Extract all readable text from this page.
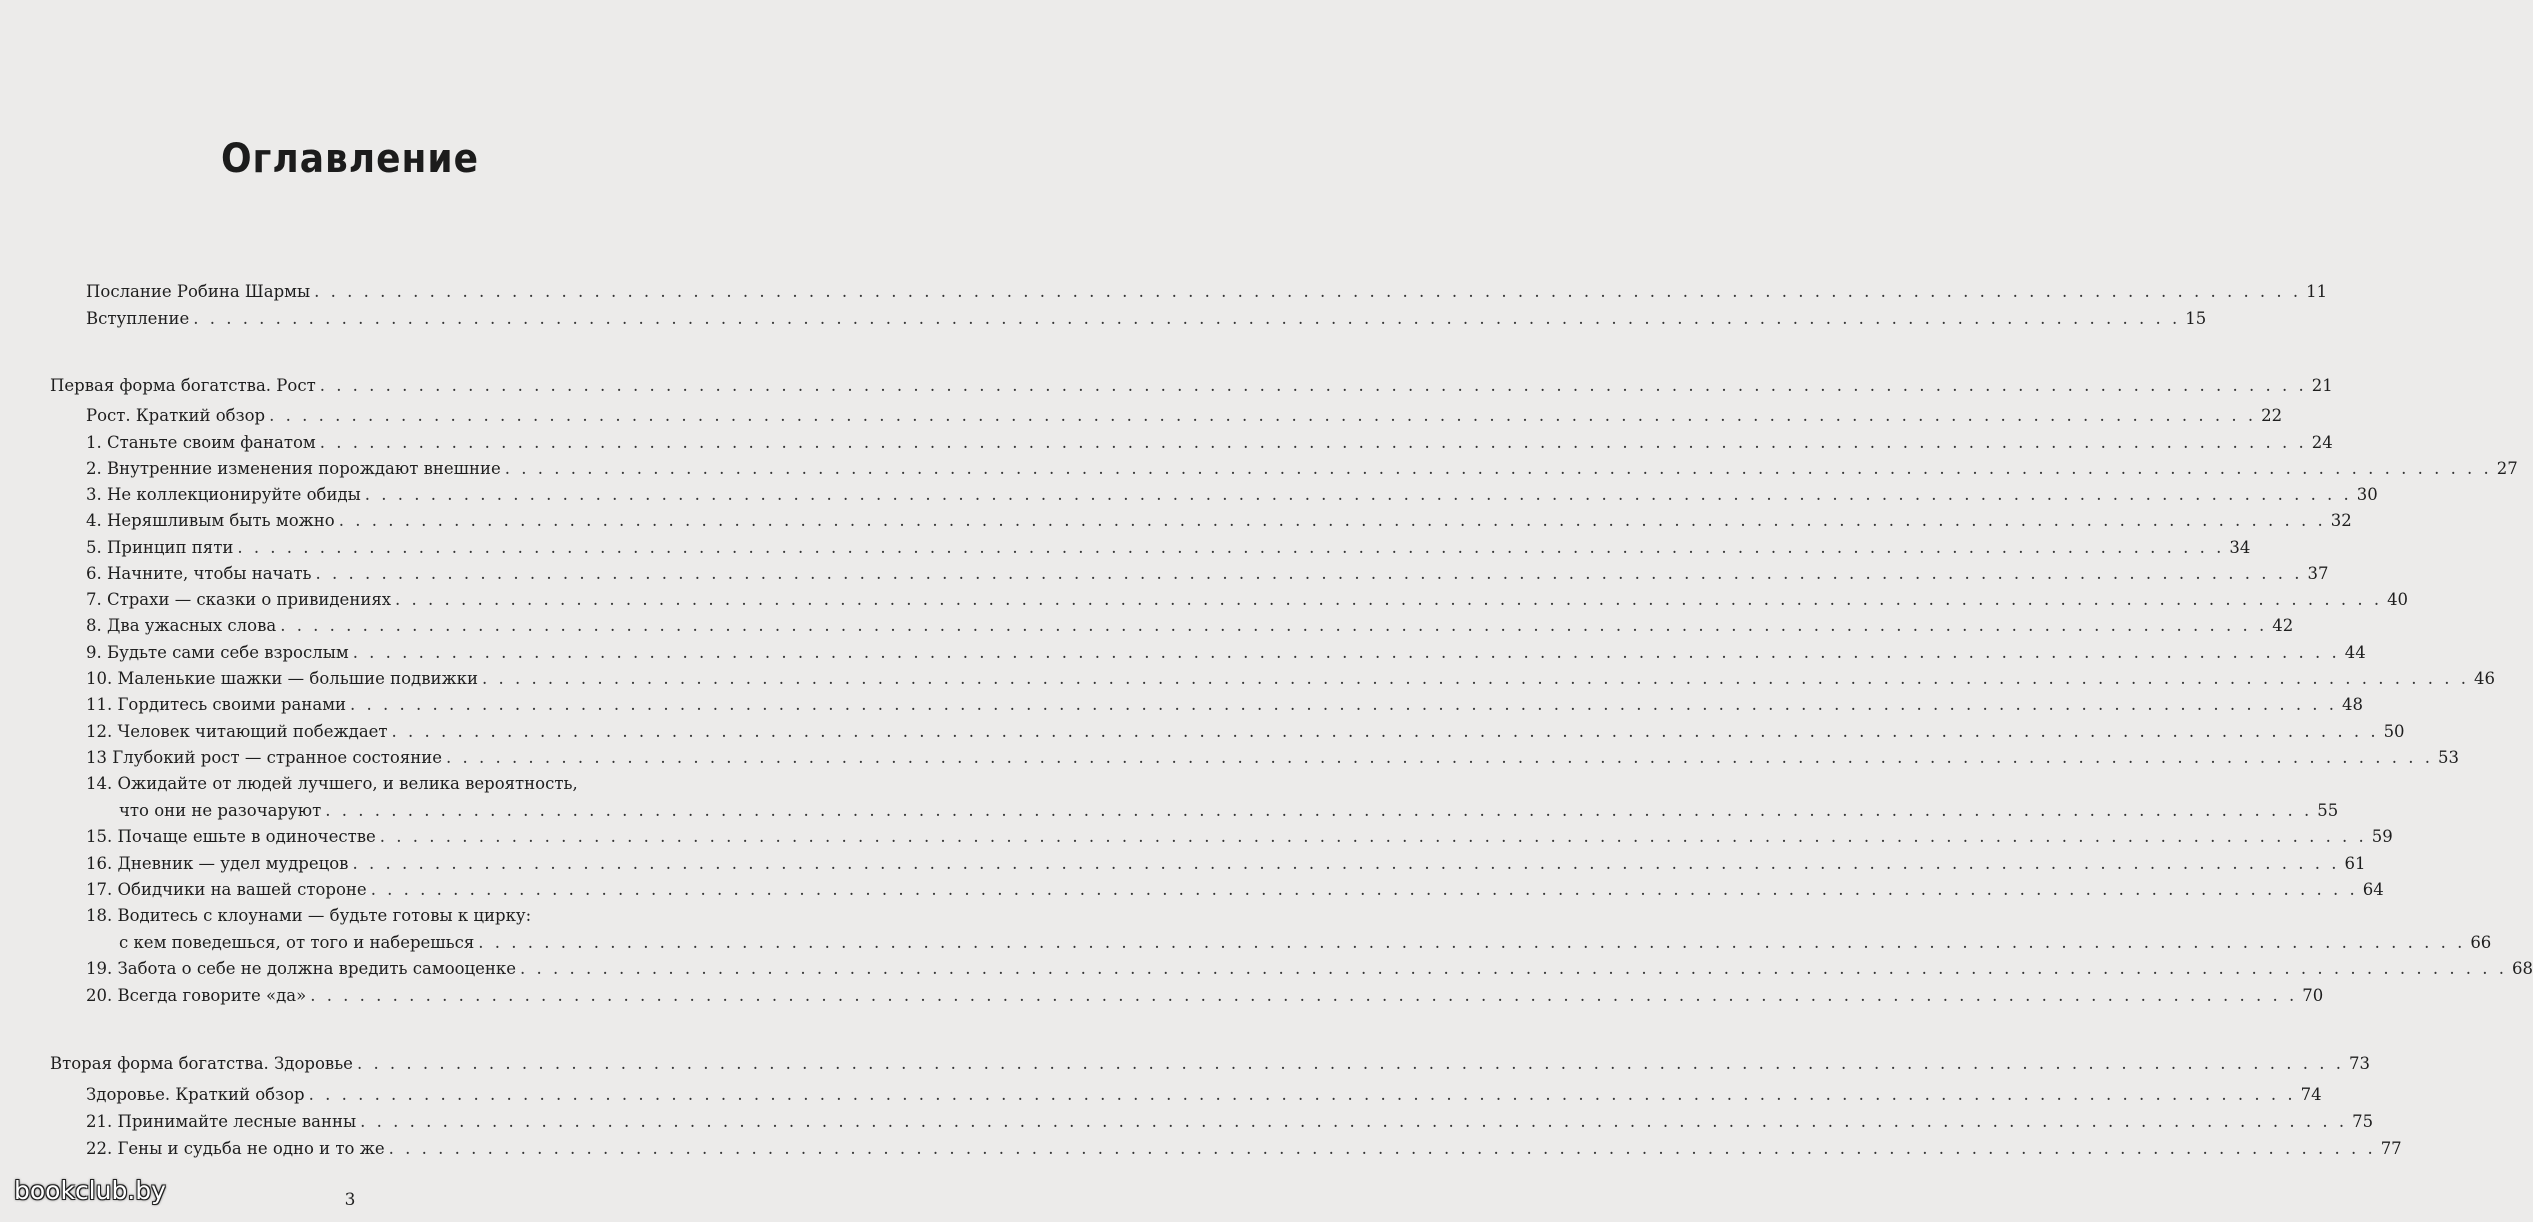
Оглавление
Послание Робина Шармы . . .	11
Вступление . . .	15
Первая форма богатства. Рост . . .	21
Рост. Краткий обзор . . .	22
1. Станьте своим фанатом . . .	24
2. Внутренние изменения порождают внешние . . .	27
3. Не коллекционируйте обиды . . .	30
4. Неряшливым быть можно . . .	32
5. Принцип пяти . . .	34
6. Начните, чтобы начать . . .	37
7. Страхи — сказки о привидениях . . .	40
8. Два ужасных слова . . .	42
9. Будьте сами себе взрослым . . .	44
10. Маленькие шажки — большие подвижки . . .	46
11. Гордитесь своими ранами . . .	48
12. Человек читающий побеждает . . .	50
13 Глубокий рост — странное состояние . . .	53
14. Ожидайте от людей лучшего, и велика вероятность,
что они не разочаруют . . .	55
15. Почаще ешьте в одиночестве . . .	59
16. Дневник — удел мудрецов . . .	61
17. Обидчики на вашей стороне . . .	64
18. Водитесь с клоунами — будьте готовы к цирку:
с кем поведешься, от того и наберешься . . .	66
19. Забота о себе не должна вредить самооценке . . .	68
20. Всегда говорите «да» . . .	70
Вторая форма богатства. Здоровье . . .	73
Здоровье. Краткий обзор . . .	74
21. Принимайте лесные ванны . . .	75
22. Гены и судьба не одно и то же . . .	77
bookclub.by	3
